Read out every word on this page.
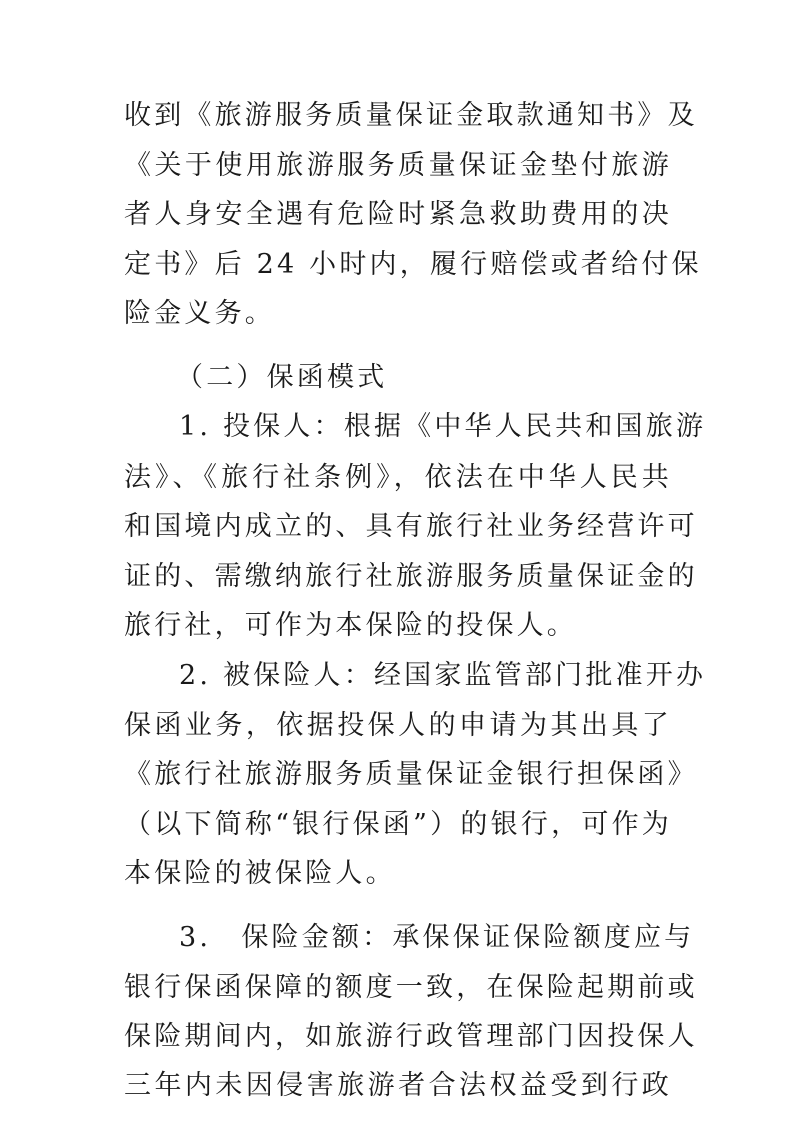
收到《旅游服务质量保证金取款通知书》及

《关于使用旅游服务质量保证金垫付旅游

者人身安全遇有危险时紧急救助费用的决

定书》后 24 小时内，履行赔偿或者给付保

险金义务。

（二）保函模式

1. 投保人：根据《中华人民共和国旅游

法》、《旅行社条例》，依法在中华人民共

和国境内成立的、具有旅行社业务经营许可

证的、需缴纳旅行社旅游服务质量保证金的

旅行社，可作为本保险的投保人。

2. 被保险人：经国家监管部门批准开办

保函业务，依据投保人的申请为其出具了

《旅行社旅游服务质量保证金银行担保函》

（以下简称“银行保函”）的银行，可作为

本保险的被保险人。

3.　保险金额：承保保证保险额度应与

银行保函保障的额度一致，在保险起期前或

保险期间内，如旅游行政管理部门因投保人

三年内未因侵害旅游者合法权益受到行政
